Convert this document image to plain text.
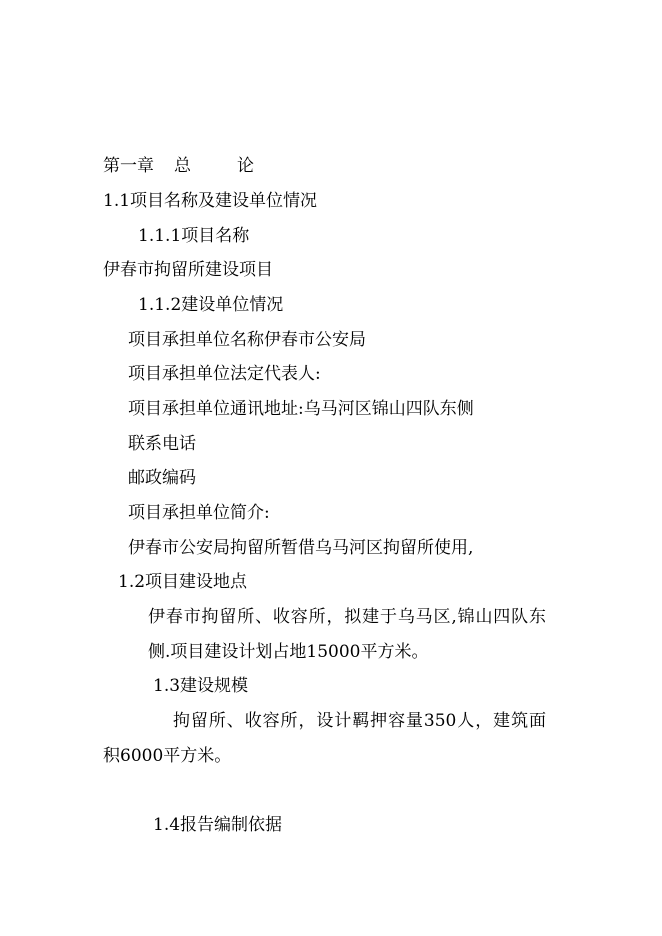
第一章 总	论
1.1项目名称及建设单位情况
1.1.1项目名称
伊春市拘留所建设项目
1.1.2建设单位情况
项目承担单位名称伊春市公安局
项目承担单位法定代表人:
项目承担单位通讯地址:乌马河区锦山四队东侧
联系电话
邮政编码
项目承担单位简介:
伊春市公安局拘留所暂借乌马河区拘留所使用,
1.2项目建设地点
伊春市拘留所、收容所，拟建于乌马区,锦山四队东
侧.项目建设计划占地15000平方米。
1.3建设规模
拘留所、收容所，设计羁押容量350人，建筑面
积6000平方米。
1.4报告编制依据
